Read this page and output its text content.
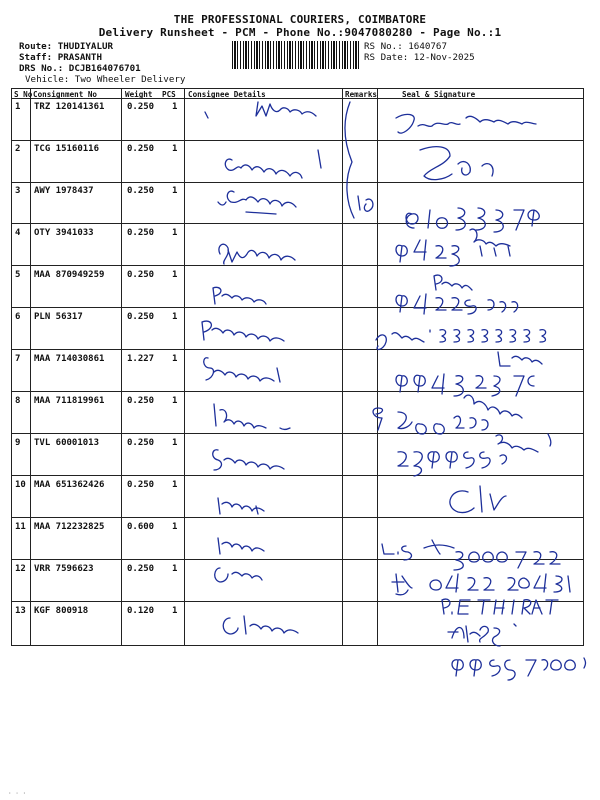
THE PROFESSIONAL COURIERS, COIMBATORE
Delivery Runsheet - PCM - Phone No.:9047080280 - Page No.:1
Route: THUDIYALUR
Staff: PRASANTH
DRS No.: DCJB164076701
Vehicle: Two Wheeler Delivery
RS No.: 1640767
RS Date: 12-Nov-2025
S No Consignment No	Weight PCS Consignee Details	Remarks	Seal & Signature
1 TRZ 120141361	0.250 1
2 TCG 15160116	0.250 1
3 AWY 1978437	0.250 1
4 OTY 3941033	0.250 1
5 MAA 870949259	0.250 1
6 PLN 56317	0.250 1
7 MAA 714030861	1.227 1
8 MAA 711819961	0.250 1
9 TVL 60001013	0.250 1
10 MAA 651362426	0.250 1
11 MAA 712232825	0.600 1
12 VRR 7596623	0.250 1
13 KGF 800918	0.120 1
· · ·
